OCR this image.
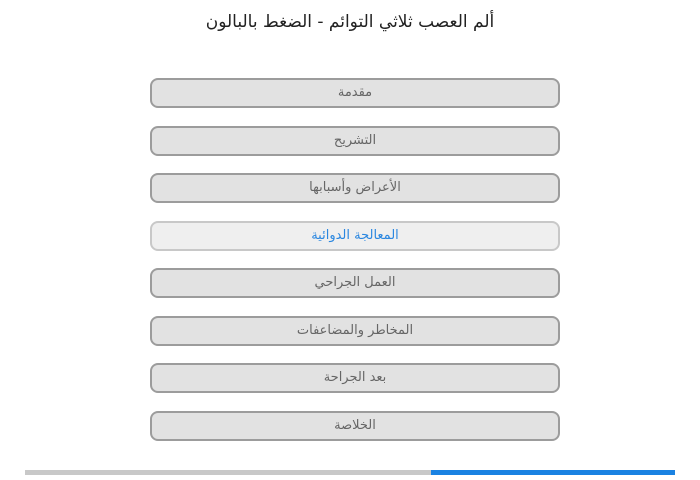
ألم العصب ثلاثي التوائم - الضغط بالبالون
مقدمة
التشريح
الأعراض وأسبابها
المعالجة الدوائية
العمل الجراحي
المخاطر والمضاعفات
بعد الجراحة
الخلاصة
